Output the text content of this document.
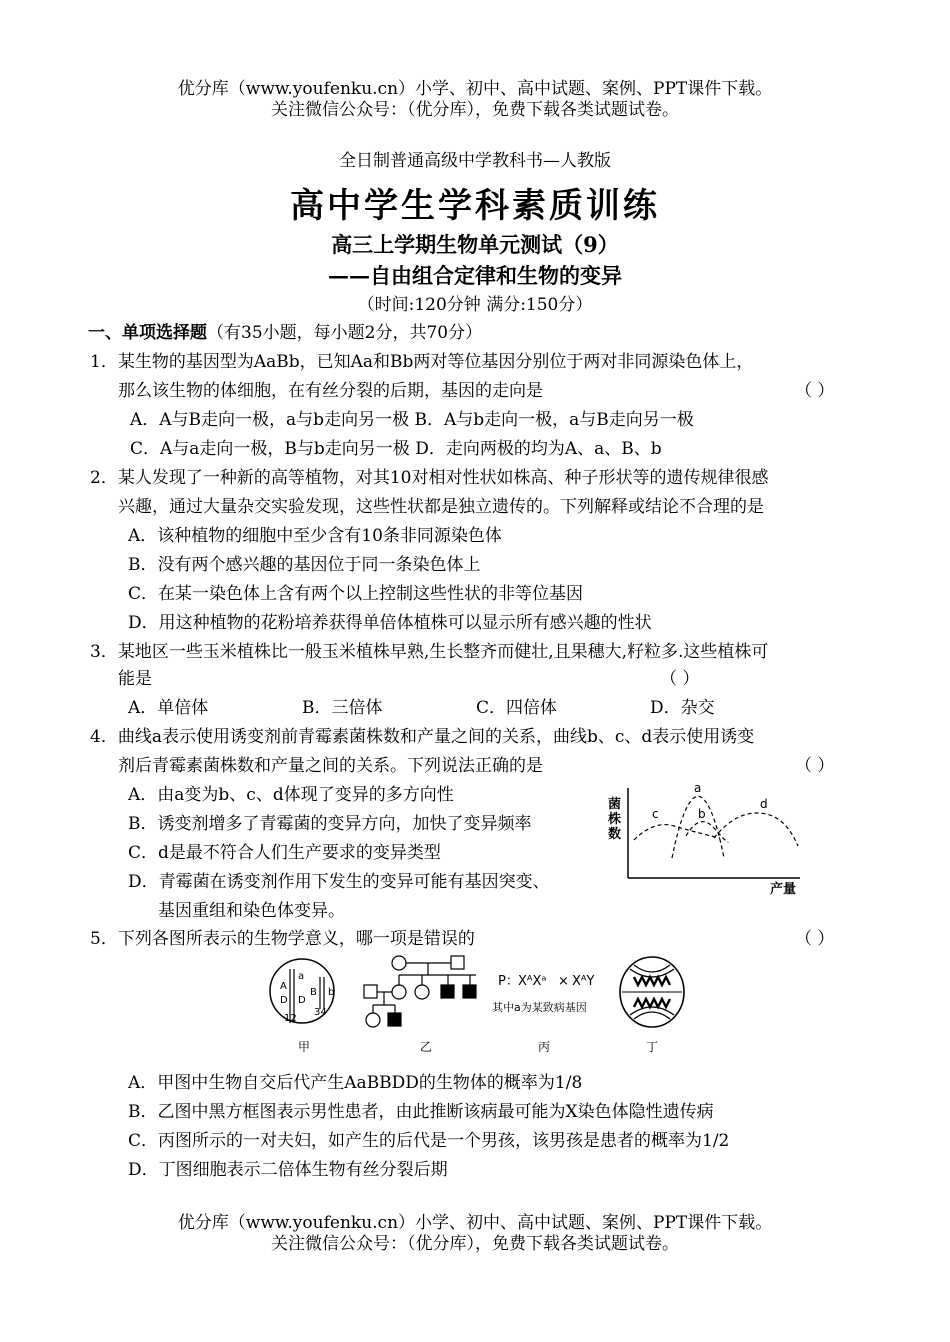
优分库（www.youfenku.cn）小学、初中、高中试题、案例、PPT课件下载。
关注微信公众号：（优分库），免费下载各类试题试卷。
全日制普通高级中学教科书—人教版
高中学生学科素质训练
高三上学期生物单元测试（9）
——自由组合定律和生物的变异
（时间:120分钟 满分:150分）
一、单项选择题（有35小题，每小题2分，共70分）
1．某生物的基因型为AaBb，已知Aa和Bb两对等位基因分别位于两对非同源染色体上，
那么该生物的体细胞，在有丝分裂的后期，基因的走向是	（ ）
A．A与B走向一极，a与b走向另一极 B．A与b走向一极，a与B走向另一极
C．A与a走向一极，B与b走向另一极 D．走向两极的均为A、a、B、b
2．某人发现了一种新的高等植物，对其10对相对性状如株高、种子形状等的遗传规律很感
兴趣，通过大量杂交实验发现，这些性状都是独立遗传的。下列解释或结论不合理的是
A．该种植物的细胞中至少含有10条非同源染色体
B．没有两个感兴趣的基因位于同一条染色体上
C．在某一染色体上含有两个以上控制这些性状的非等位基因
D．用这种植物的花粉培养获得单倍体植株可以显示所有感兴趣的性状
3．某地区一些玉米植株比一般玉米植株早熟,生长整齐而健壮,且果穗大,籽粒多.这些植株可
能是	（ ）
A．单倍体	B．三倍体	C．四倍体	D．杂交
4．曲线a表示使用诱变剂前青霉素菌株数和产量之间的关系，曲线b、c、d表示使用诱变
剂后青霉素菌株数和产量之间的关系。下列说法正确的是	（ ）
A．由a变为b、c、d体现了变异的多方向性
B．诱变剂增多了青霉菌的变异方向，加快了变异频率
C．d是最不符合人们生产要求的变异类型
D．青霉菌在诱变剂作用下发生的变异可能有基因突变、
基因重组和染色体变异。
菌
株
数
产量
a
b
c
d
5．下列各图所表示的生物学意义，哪一项是错误的	（ ）
a
A
D D
B b
12
34
P： XᴬXᵃ × XᴬY
其中a为某致病基因
甲	乙	丙	丁
A．甲图中生物自交后代产生AaBBDD的生物体的概率为1/8
B．乙图中黑方框图表示男性患者，由此推断该病最可能为X染色体隐性遗传病
C．丙图所示的一对夫妇，如产生的后代是一个男孩，该男孩是患者的概率为1/2
D．丁图细胞表示二倍体生物有丝分裂后期
优分库（www.youfenku.cn）小学、初中、高中试题、案例、PPT课件下载。
关注微信公众号：（优分库），免费下载各类试题试卷。
